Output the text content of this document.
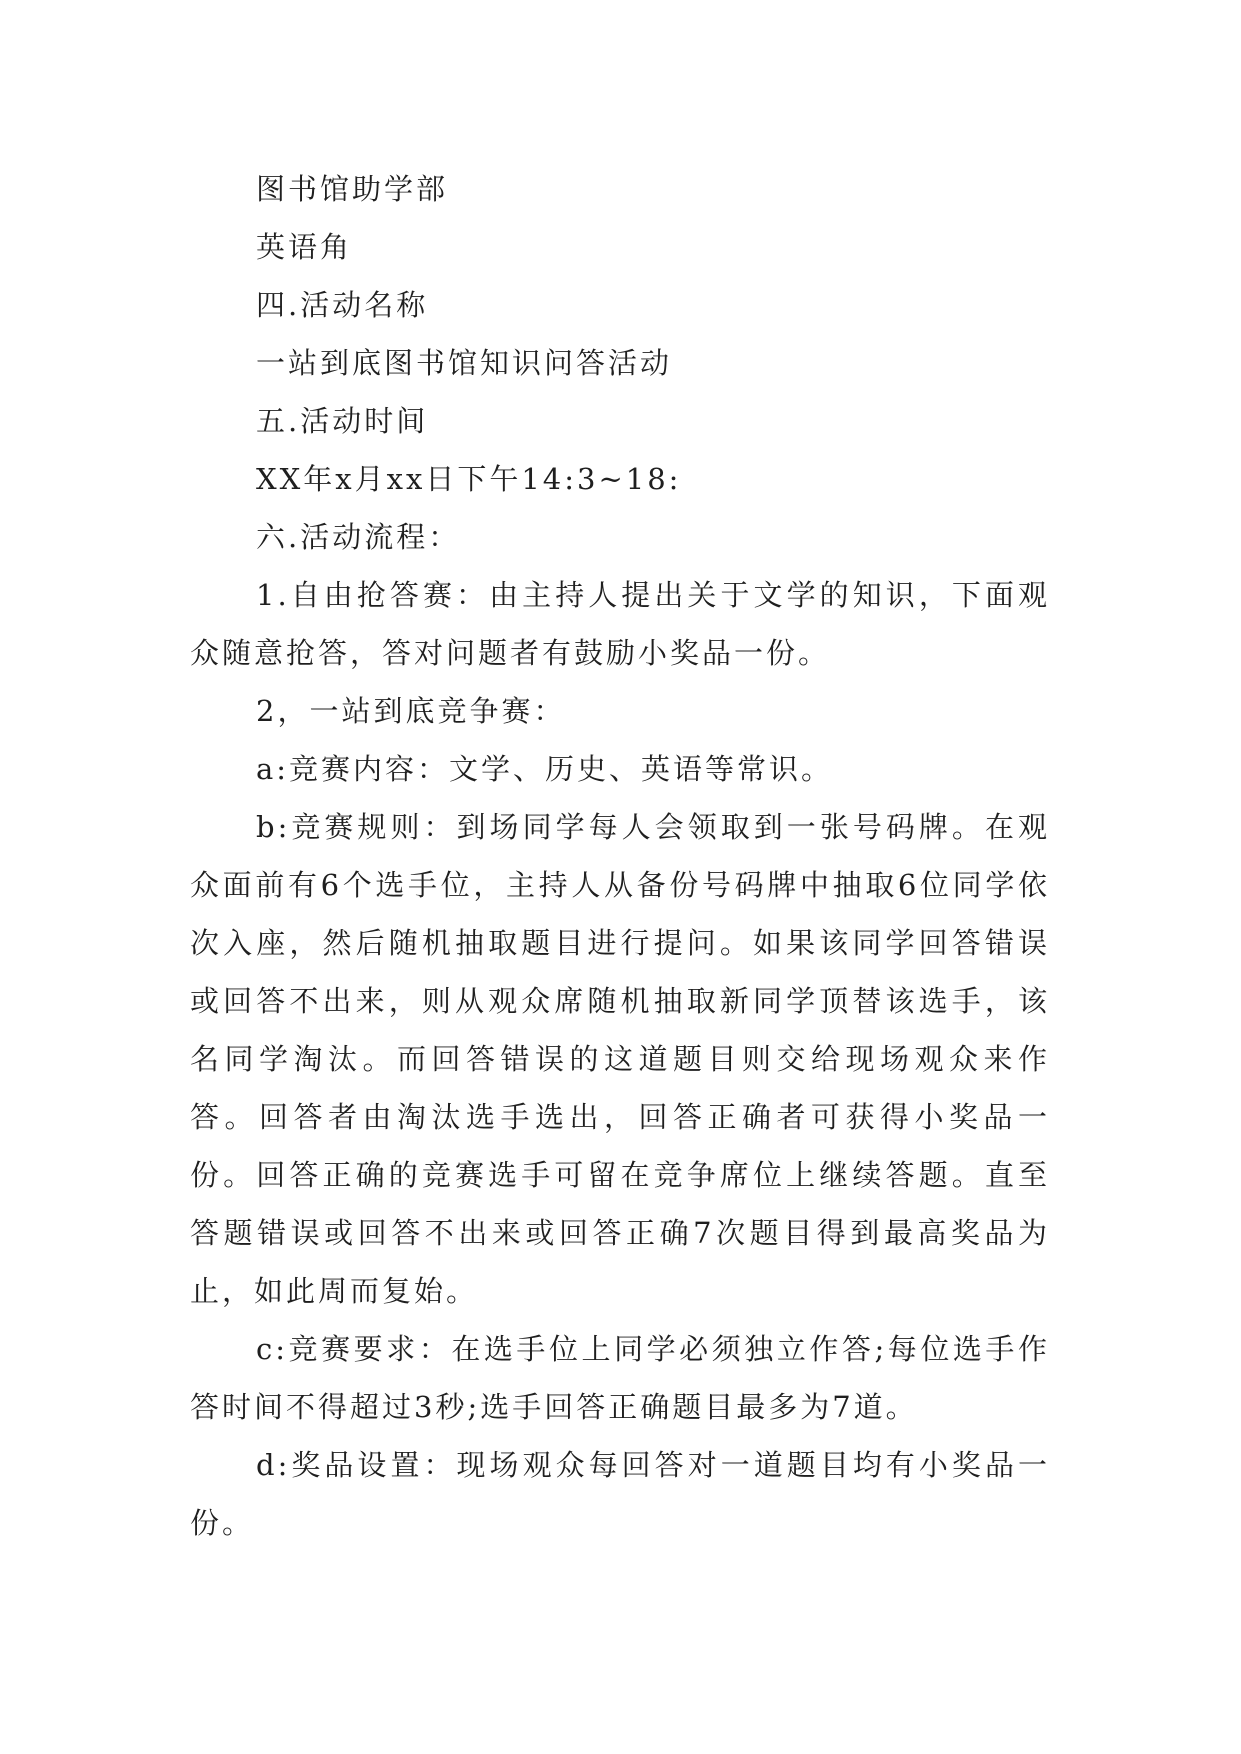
图书馆助学部

英语角

四.活动名称

一站到底图书馆知识问答活动

五.活动时间

XX年x月xx日下午14:3~18:

六.活动流程：

1.自由抢答赛：由主持人提出关于文学的知识，下面观众随意抢答，答对问题者有鼓励小奖品一份。

2，一站到底竞争赛：

a:竞赛内容：文学、历史、英语等常识。

b:竞赛规则：到场同学每人会领取到一张号码牌。在观众面前有6个选手位，主持人从备份号码牌中抽取6位同学依次入座，然后随机抽取题目进行提问。如果该同学回答错误或回答不出来，则从观众席随机抽取新同学顶替该选手，该名同学淘汰。而回答错误的这道题目则交给现场观众来作答。回答者由淘汰选手选出，回答正确者可获得小奖品一份。回答正确的竞赛选手可留在竞争席位上继续答题。直至答题错误或回答不出来或回答正确7次题目得到最高奖品为止，如此周而复始。

c:竞赛要求：在选手位上同学必须独立作答;每位选手作答时间不得超过3秒;选手回答正确题目最多为7道。

d:奖品设置：现场观众每回答对一道题目均有小奖品一份。
